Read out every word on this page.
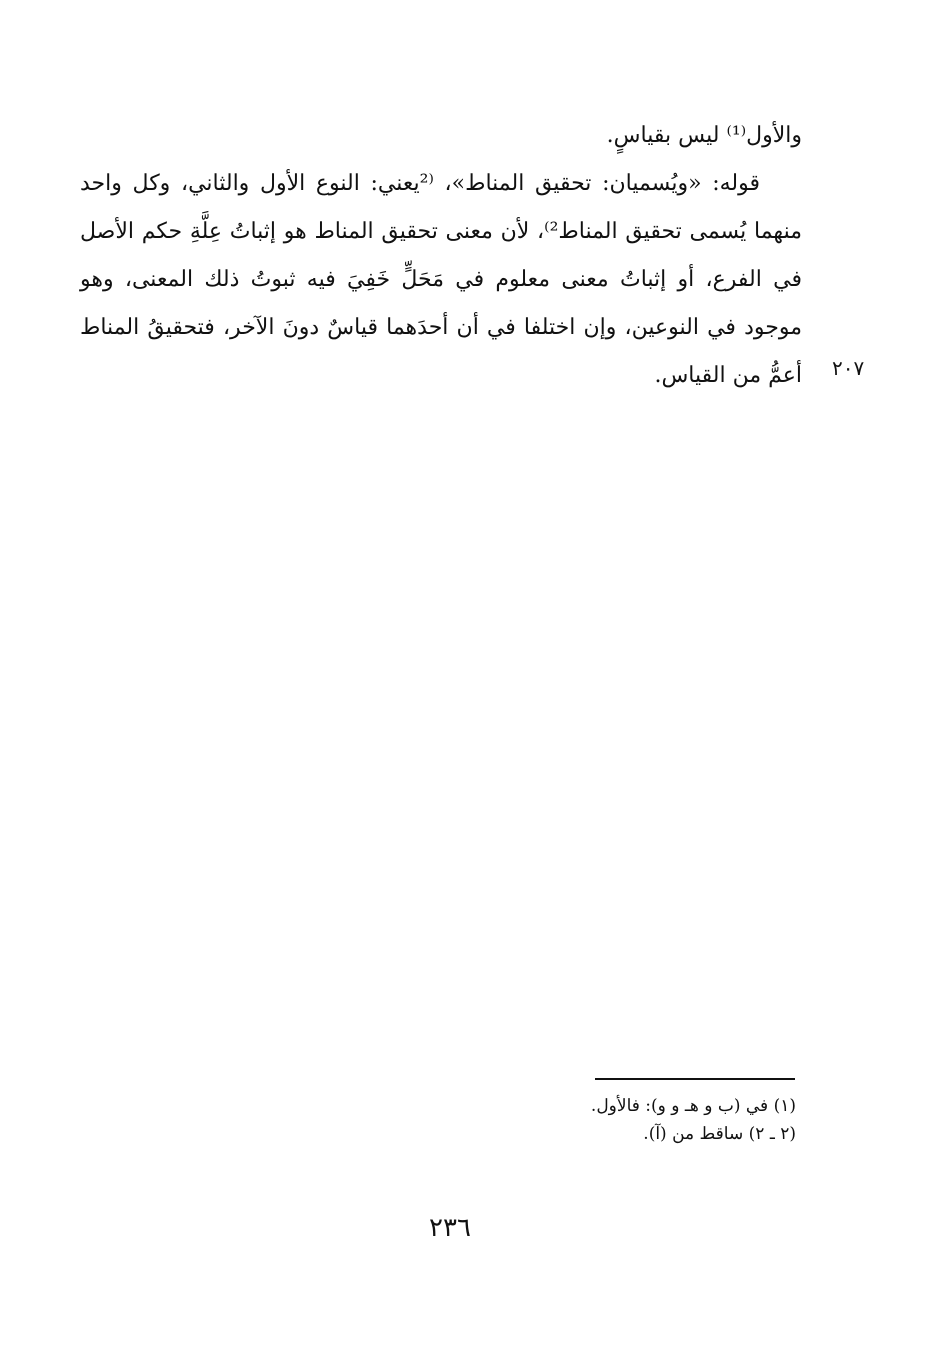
والأول⁽¹⁾ ليس بقياسٍ.

قوله: «ويُسميان: تحقيق المناط»، ⁽²يعني: النوع الأول والثاني، وكل واحد منهما يُسمى تحقيق المناط²⁾، لأن معنى تحقيق المناط هو إثباتُ عِلَّةِ حكم الأصل في الفرع، أو إثباتُ معنى معلوم في مَحَلٍّ خَفِيَ فيه ثبوتُ ذلك المعنى، وهو موجود في النوعين، وإن اختلفا في أن أحدَهما قياسٌ دونَ الآخر، فتحقيقُ المناط أعمُّ من القياس. ٢٠٧

(١) في (ب و هـ و و): فالأول.

(٢ ـ ٢) ساقط من (آ).

٢٣٦
